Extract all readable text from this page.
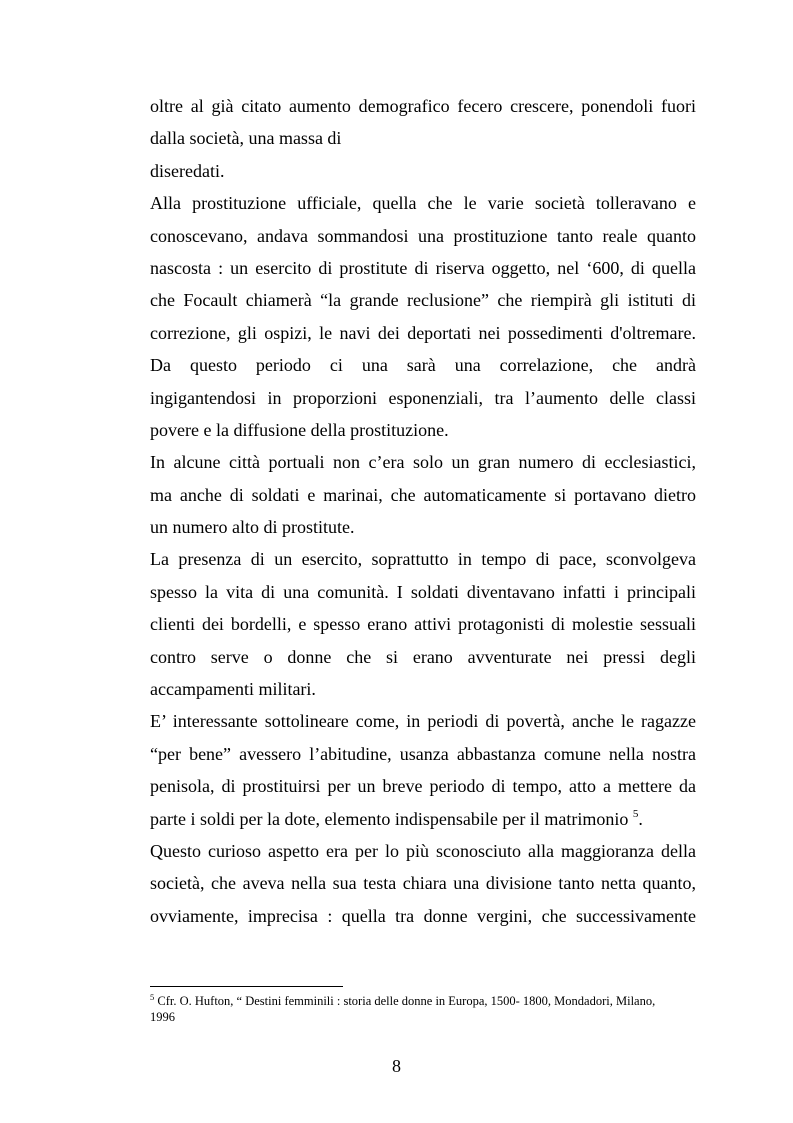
oltre al già citato aumento demografico fecero crescere, ponendoli fuori
dalla società, una massa di
diseredati.
Alla prostituzione ufficiale, quella che le varie società tolleravano e
conoscevano, andava sommandosi una prostituzione tanto reale quanto
nascosta : un esercito di prostitute di riserva oggetto, nel ‘600, di quella
che Focault chiamerà “la grande reclusione” che riempirà gli istituti di
correzione, gli ospizi, le navi dei deportati nei possedimenti d'oltremare.
Da questo periodo ci una sarà una correlazione, che andrà
ingigantendosi in proporzioni esponenziali, tra l’aumento delle classi
povere e la diffusione della prostituzione.
In alcune città portuali non c’era solo un gran numero di ecclesiastici,
ma anche di soldati e marinai, che automaticamente si portavano dietro
un numero alto di prostitute.
La presenza di un esercito, soprattutto in tempo di pace, sconvolgeva
spesso la vita di una comunità. I soldati diventavano infatti i principali
clienti dei bordelli, e spesso erano attivi protagonisti di molestie sessuali
contro serve o donne che si erano avventurate nei pressi degli
accampamenti militari.
E’ interessante sottolineare come, in periodi di povertà, anche le ragazze
“per bene” avessero l’abitudine, usanza abbastanza comune nella nostra
penisola, di prostituirsi per un breve periodo di tempo, atto a mettere da
parte i soldi per la dote, elemento indispensabile per il matrimonio $^5$.
Questo curioso aspetto era per lo più sconosciuto alla maggioranza della
società, che aveva nella sua testa chiara una divisione tanto netta quanto,
ovviamente, imprecisa : quella tra donne vergini, che successivamente
$^5$ Cfr. O. Hufton, “ Destini femminili : storia delle donne in Europa, 1500- 1800, Mondadori, Milano,
1996
8
